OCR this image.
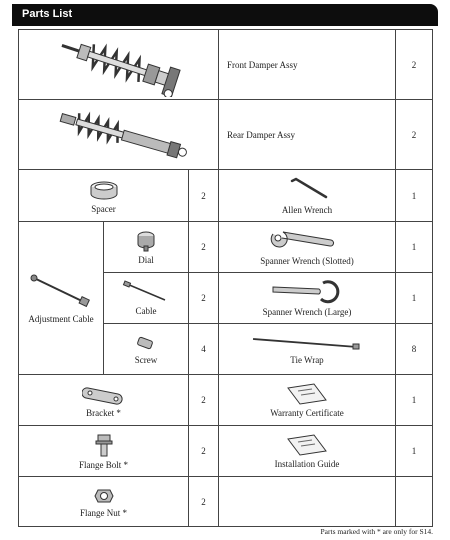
Parts List
	Front Damper Assy	2
	Rear Damper Assy	2

Spacer		2	Allen Wrench	1

Adjustment Cable	Dial	2	Spanner Wrench (Slotted)	1

	Cable	2	Spanner Wrench (Large)	1

	Screw	4	Tie Wrap	8

Bracket *		2	Warranty Certificate	1

Flange Bolt *		2	Installation Guide	1

Flange Nut *		2		
Parts marked with * are only for S14.
